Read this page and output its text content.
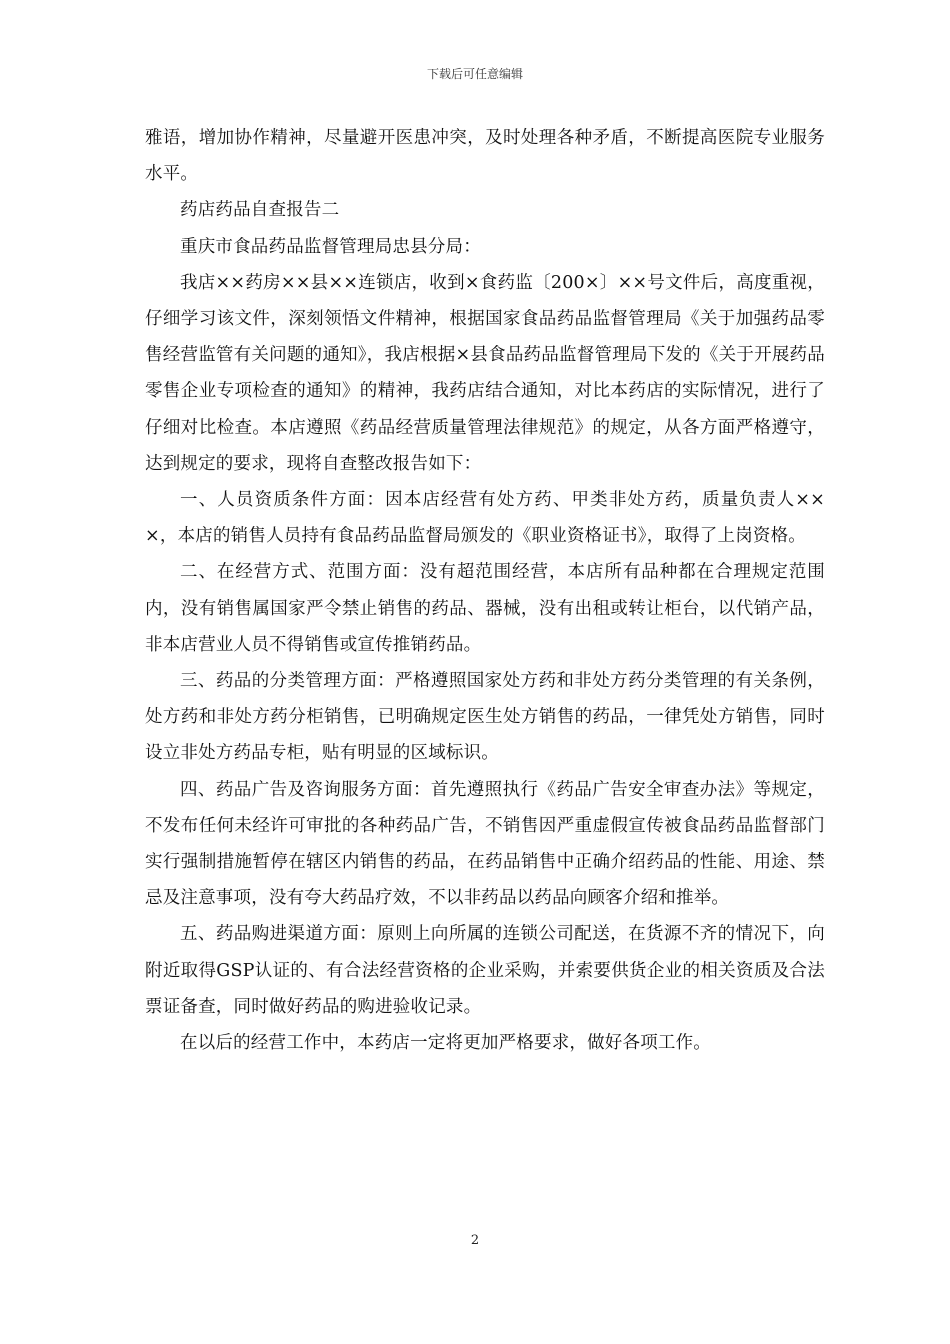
下载后可任意编辑

雅语，增加协作精神，尽量避开医患冲突，及时处理各种矛盾，不断提高医院专业服务水平。

药店药品自查报告二

重庆市食品药品监督管理局忠县分局：

我店××药房××县××连锁店，收到×食药监〔200×〕××号文件后，高度重视，仔细学习该文件，深刻领悟文件精神，根据国家食品药品监督管理局《关于加强药品零售经营监管有关问题的通知》，我店根据×县食品药品监督管理局下发的《关于开展药品零售企业专项检查的通知》的精神，我药店结合通知，对比本药店的实际情况，进行了仔细对比检查。本店遵照《药品经营质量管理法律规范》的规定，从各方面严格遵守，达到规定的要求，现将自查整改报告如下：

一、人员资质条件方面：因本店经营有处方药、甲类非处方药，质量负责人×××，本店的销售人员持有食品药品监督局颁发的《职业资格证书》，取得了上岗资格。

二、在经营方式、范围方面：没有超范围经营，本店所有品种都在合理规定范围内，没有销售属国家严令禁止销售的药品、器械，没有出租或转让柜台，以代销产品，非本店营业人员不得销售或宣传推销药品。

三、药品的分类管理方面：严格遵照国家处方药和非处方药分类管理的有关条例，处方药和非处方药分柜销售，已明确规定医生处方销售的药品，一律凭处方销售，同时设立非处方药品专柜，贴有明显的区域标识。

四、药品广告及咨询服务方面：首先遵照执行《药品广告安全审查办法》等规定，不发布任何未经许可审批的各种药品广告，不销售因严重虚假宣传被食品药品监督部门实行强制措施暂停在辖区内销售的药品，在药品销售中正确介绍药品的性能、用途、禁忌及注意事项，没有夸大药品疗效，不以非药品以药品向顾客介绍和推举。

五、药品购进渠道方面：原则上向所属的连锁公司配送，在货源不齐的情况下，向附近取得GSP认证的、有合法经营资格的企业采购，并索要供货企业的相关资质及合法票证备查，同时做好药品的购进验收记录。

在以后的经营工作中，本药店一定将更加严格要求，做好各项工作。

2
